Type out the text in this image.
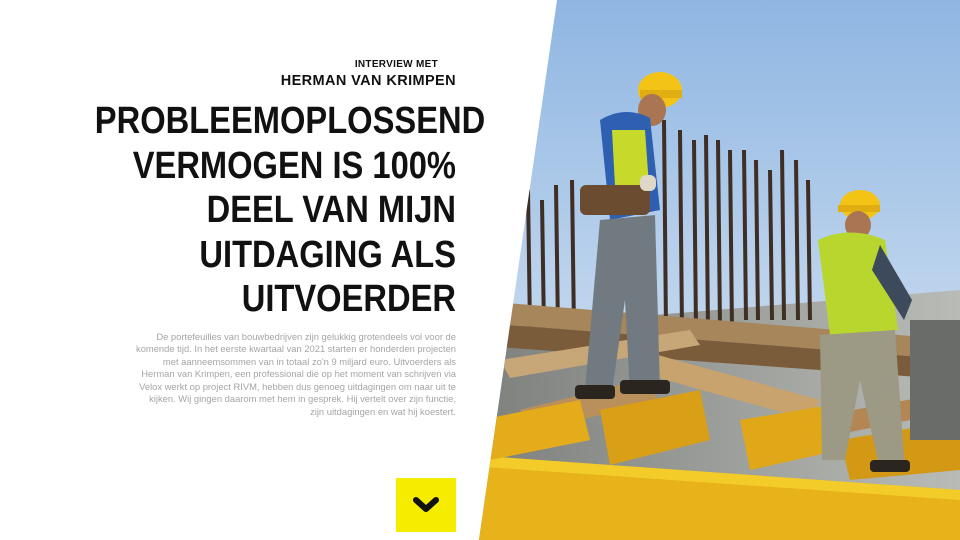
INTERVIEW MET
HERMAN VAN KRIMPEN
PROBLEEMOPLOSSEND
VERMOGEN IS 100%
DEEL VAN MIJN
UITDAGING ALS
UITVOERDER
De portefeuilles van bouwbedrijven zijn gelukkig grotendeels vol voor de
komende tijd. In het eerste kwartaal van 2021 starten er honderden projecten
met aanneemsommen van in totaal zo'n 9 miljard euro. Uitvoerders als
Herman van Krimpen, een professional die op het moment van schrijven via
Velox werkt op project RIVM, hebben dus genoeg uitdagingen om naar uit te
kijken. Wij gingen daarom met hem in gesprek. Hij vertelt over zijn functie,
zijn uitdagingen en wat hij koestert.
